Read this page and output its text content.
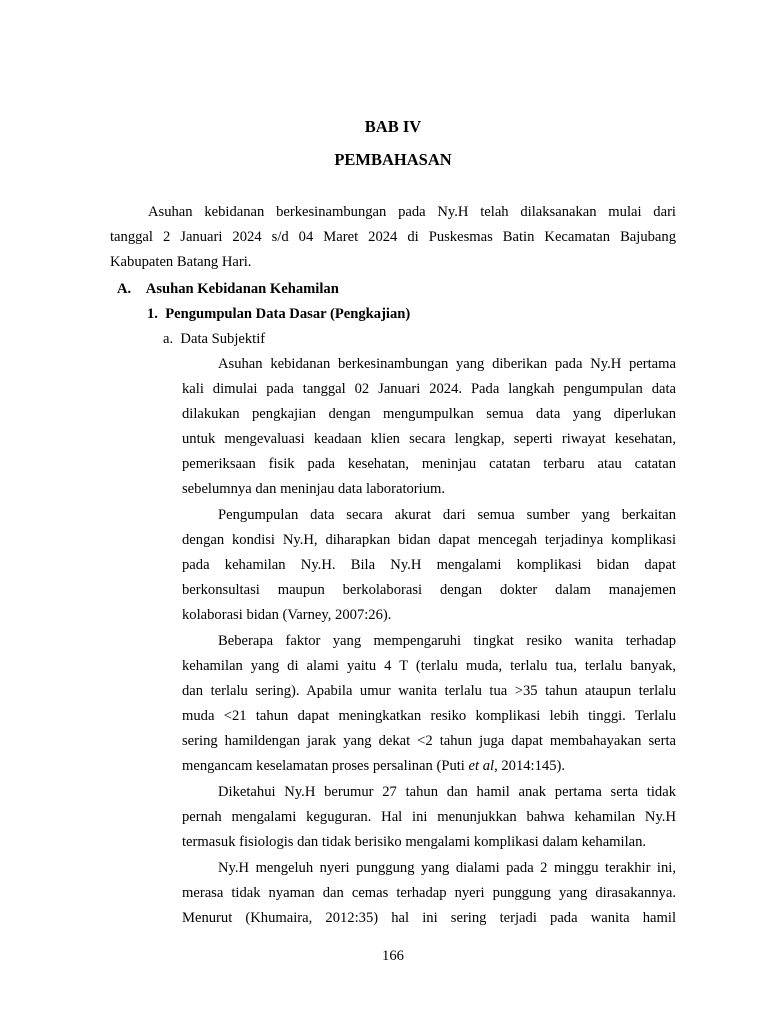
BAB IV
PEMBAHASAN
Asuhan kebidanan berkesinambungan pada Ny.H telah dilaksanakan mulai dari
tanggal 2 Januari 2024 s/d 04 Maret 2024 di Puskesmas Batin Kecamatan Bajubang
Kabupaten Batang Hari.
A. Asuhan Kebidanan Kehamilan
1. Pengumpulan Data Dasar (Pengkajian)
a. Data Subjektif
Asuhan kebidanan berkesinambungan yang diberikan pada Ny.H pertama
kali dimulai pada tanggal 02 Januari 2024. Pada langkah pengumpulan data
dilakukan pengkajian dengan mengumpulkan semua data yang diperlukan
untuk mengevaluasi keadaan klien secara lengkap, seperti riwayat kesehatan,
pemeriksaan fisik pada kesehatan, meninjau catatan terbaru atau catatan
sebelumnya dan meninjau data laboratorium.
Pengumpulan data secara akurat dari semua sumber yang berkaitan
dengan kondisi Ny.H, diharapkan bidan dapat mencegah terjadinya komplikasi
pada kehamilan Ny.H. Bila Ny.H mengalami komplikasi bidan dapat
berkonsultasi maupun berkolaborasi dengan dokter dalam manajemen
kolaborasi bidan (Varney, 2007:26).
Beberapa faktor yang mempengaruhi tingkat resiko wanita terhadap
kehamilan yang di alami yaitu 4 T (terlalu muda, terlalu tua, terlalu banyak,
dan terlalu sering). Apabila umur wanita terlalu tua >35 tahun ataupun terlalu
muda <21 tahun dapat meningkatkan resiko komplikasi lebih tinggi. Terlalu
sering hamildengan jarak yang dekat <2 tahun juga dapat membahayakan serta
mengancam keselamatan proses persalinan (Puti et al, 2014:145).
Diketahui Ny.H berumur 27 tahun dan hamil anak pertama serta tidak
pernah mengalami keguguran. Hal ini menunjukkan bahwa kehamilan Ny.H
termasuk fisiologis dan tidak berisiko mengalami komplikasi dalam kehamilan.
Ny.H mengeluh nyeri punggung yang dialami pada 2 minggu terakhir ini,
merasa tidak nyaman dan cemas terhadap nyeri punggung yang dirasakannya.
Menurut (Khumaira, 2012:35) hal ini sering terjadi pada wanita hamil
166
